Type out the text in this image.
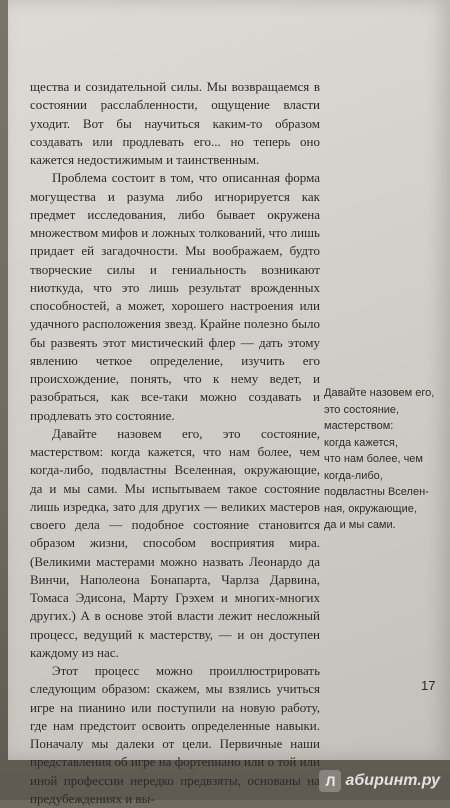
щества и созидательной силы. Мы возвращаемся в состоянии расслабленности, ощущение власти уходит. Вот бы научиться каким-то образом создавать или продлевать его... но теперь оно кажется недостижимым и таинственным.

Проблема состоит в том, что описанная форма могущества и разума либо игнорируется как предмет исследования, либо бывает окружена множеством мифов и ложных толкований, что лишь придает ей загадочности. Мы воображаем, будто творческие силы и гениальность возникают ниоткуда, что это лишь результат врожденных способностей, а может, хорошего настроения или удачного расположения звезд. Крайне полезно было бы развеять этот мистический флер — дать этому явлению четкое определение, изучить его происхождение, понять, что к нему ведет, и разобраться, как все-таки можно создавать и продлевать это состояние.

Давайте назовем его, это состояние, мастерством: когда кажется, что нам более, чем когда-либо, подвластны Вселенная, окружающие, да и мы сами. Мы испытываем такое состояние лишь изредка, зато для других — великих мастеров своего дела — подобное состояние становится образом жизни, способом восприятия мира. (Великими мастерами можно назвать Леонардо да Винчи, Наполеона Бонапарта, Чарлза Дарвина, Томаса Эдисона, Марту Грэхем и многих-многих других.) А в основе этой власти лежит несложный процесс, ведущий к мастерству, — и он доступен каждому из нас.

Этот процесс можно проиллюстрировать следующим образом: скажем, мы взялись учиться игре на пианино или поступили на новую работу, где нам предстоит освоить определенные навыки. Поначалу мы далеки от цели. Первичные наши представления об игре на фортепиано или о той или иной профессии нередко предвзяты, основаны на предубеждениях и вы-

Давайте назовем его,
это состояние,
мастерством:
когда кажется,
что нам более, чем
когда-либо,
подвластны Вселен-
ная, окружающие,
да и мы сами.
17
Л абиринт.ру
